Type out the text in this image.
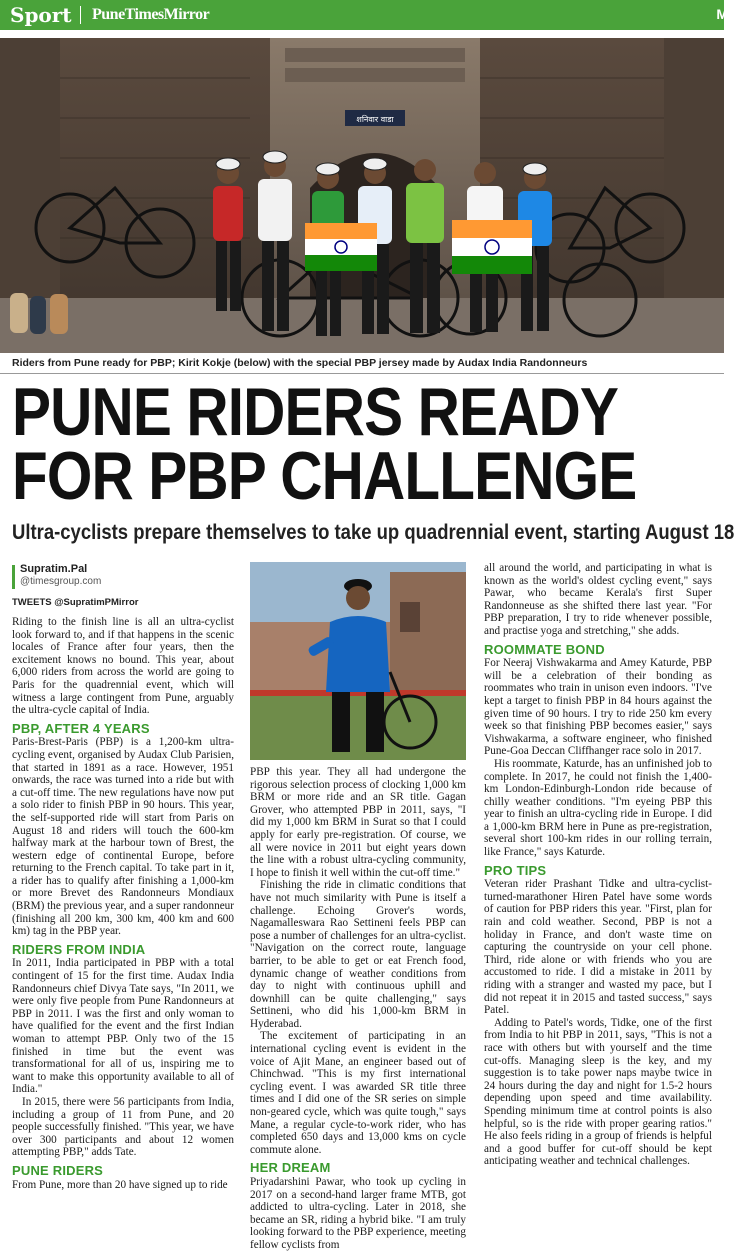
Sport PuneTimesMirror	M
शनिवार वाडा
Riders from Pune ready for PBP; Kirit Kokje (below) with the special PBP jersey made by Audax India Randonneurs
PUNE RIDERS READY
FOR PBP CHALLENGE
Ultra-cyclists prepare themselves to take up quadrennial event, starting August 18
Supratim.Pal
@timesgroup.com
TWEETS @SupratimPMirror

Riding to the finish line is all an ultra-cyclist look forward to, and if that happens in the scenic locales of France after four years, then the excitement knows no bound. This year, about 6,000 riders from across the world are going to Paris for the quadrennial event, which will witness a large contingent from Pune, arguably the ultra-cycle capital of India.

PBP, AFTER 4 YEARS

Paris-Brest-Paris (PBP) is a 1,200-km ultra-cycling event, organised by Audax Club Parisien, that started in 1891 as a race. However, 1951 onwards, the race was turned into a ride but with a cut-off time. The new regulations have now put a solo rider to finish PBP in 90 hours. This year, the self-supported ride will start from Paris on August 18 and riders will touch the 600-km halfway mark at the harbour town of Brest, the western edge of continental Europe, before returning to the French capital. To take part in it, a rider has to qualify after finishing a 1,000-km or more Brevet des Randonneurs Mondiaux (BRM) the previous year, and a super randonneur (finishing all 200 km, 300 km, 400 km and 600 km) tag in the PBP year.

RIDERS FROM INDIA

In 2011, India participated in PBP with a total contingent of 15 for the first time. Audax India Randonneurs chief Divya Tate says, "In 2011, we were only five people from Pune Randonneurs at PBP in 2011. I was the first and only woman to have qualified for the event and the first Indian woman to attempt PBP. Only two of the 15 finished in time but the event was transformational for all of us, inspiring me to want to make this opportunity available to all of India."

In 2015, there were 56 participants from India, including a group of 11 from Pune, and 20 people successfully finished. "This year, we have over 300 participants and about 12 women attempting PBP," adds Tate.

PUNE RIDERS

From Pune, more than 20 have signed up to ride

PBP this year. They all had undergone the rigorous selection process of clocking 1,000 km BRM or more ride and an SR title. Gagan Grover, who attempted PBP in 2011, says, "I did my 1,000 km BRM in Surat so that I could apply for early pre-registration. Of course, we all were novice in 2011 but eight years down the line with a robust ultra-cycling community, I hope to finish it well within the cut-off time."

Finishing the ride in climatic conditions that have not much similarity with Pune is itself a challenge. Echoing Grover's words, Nagamalleswara Rao Settineni feels PBP can pose a number of challenges for an ultra-cyclist. "Navigation on the correct route, language barrier, to be able to get or eat French food, dynamic change of weather conditions from day to night with continuous uphill and downhill can be quite challenging," says Settineni, who did his 1,000-km BRM in Hyderabad.

The excitement of participating in an international cycling event is evident in the voice of Ajit Mane, an engineer based out of Chinchwad. "This is my first international cycling event. I was awarded SR title three times and I did one of the SR series on simple non-geared cycle, which was quite tough," says Mane, a regular cycle-to-work rider, who has completed 650 days and 13,000 kms on cycle commute alone.

HER DREAM

Priyadarshini Pawar, who took up cycling in 2017 on a second-hand larger frame MTB, got addicted to ultra-cycling. Later in 2018, she became an SR, riding a hybrid bike. "I am truly looking forward to the PBP experience, meeting fellow cyclists from

all around the world, and participating in what is known as the world's oldest cycling event," says Pawar, who became Kerala's first Super Randonneuse as she shifted there last year. "For PBP preparation, I try to ride whenever possible, and practise yoga and stretching," she adds.

ROOMMATE BOND

For Neeraj Vishwakarma and Amey Katurde, PBP will be a celebration of their bonding as roommates who train in unison even indoors. "I've kept a target to finish PBP in 84 hours against the given time of 90 hours. I try to ride 250 km every week so that finishing PBP becomes easier," says Vishwakarma, a software engineer, who finished Pune-Goa Deccan Cliffhanger race solo in 2017.

His roommate, Katurde, has an unfinished job to complete. In 2017, he could not finish the 1,400-km London-Edinburgh-London ride because of chilly weather conditions. "I'm eyeing PBP this year to finish an ultra-cycling ride in Europe. I did a 1,000-km BRM here in Pune as pre-registration, several short 100-km rides in our rolling terrain, like France," says Katurde.

PRO TIPS

Veteran rider Prashant Tidke and ultra-cyclist-turned-marathoner Hiren Patel have some words of caution for PBP riders this year. "First, plan for rain and cold weather. Second, PBP is not a holiday in France, and don't waste time on capturing the countryside on your cell phone. Third, ride alone or with friends who you are accustomed to ride. I did a mistake in 2011 by riding with a stranger and wasted my pace, but I did not repeat it in 2015 and tasted success," says Patel.

Adding to Patel's words, Tidke, one of the first from India to hit PBP in 2011, says, "This is not a race with others but with yourself and the time cut-offs. Managing sleep is the key, and my suggestion is to take power naps maybe twice in 24 hours during the day and night for 1.5-2 hours depending upon speed and time availability. Spending minimum time at control points is also helpful, so is the ride with proper gearing ratios." He also feels riding in a group of friends is helpful and a good buffer for cut-off should be kept anticipating weather and technical challenges.
